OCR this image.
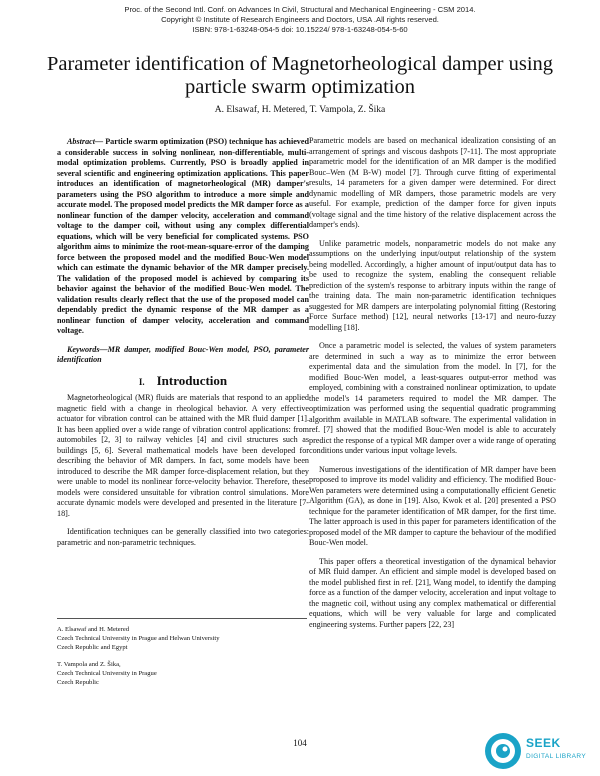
Proc. of the Second Intl. Conf. on Advances In Civil, Structural and Mechanical Engineering - CSM 2014.
Copyright © Institute of Research Engineers and Doctors, USA .All rights reserved.
ISBN: 978-1-63248-054-5 doi: 10.15224/ 978-1-63248-054-5-60
Parameter identification of Magnetorheological damper using particle swarm optimization
A. Elsawaf, H. Metered, T. Vampola, Z. Šika

Abstract— Particle swarm optimization (PSO) technique has achieved a considerable success in solving nonlinear, non-differentiable, multi-modal optimization problems. Currently, PSO is broadly applied in several scientific and engineering optimization applications. This paper introduces an identification of magnetorheological (MR) damper's parameters using the PSO algorithm to introduce a more simple and accurate model. The proposed model predicts the MR damper force as a nonlinear function of the damper velocity, acceleration and command voltage to the damper coil, without using any complex differential equations, which will be very beneficial for complicated systems. PSO algorithm aims to minimize the root-mean-square-error of the damping force between the proposed model and the modified Bouc-Wen model which can estimate the dynamic behavior of the MR damper precisely. The validation of the proposed model is achieved by comparing its behavior against the behavior of the modified Bouc-Wen model. The validation results clearly reflect that the use of the proposed model can dependably predict the dynamic response of the MR damper as a nonlinear function of damper velocity, acceleration and command voltage.

Keywords—MR damper, modified Bouc-Wen model, PSO, parameter identification

I. Introduction

Magnetorheological (MR) fluids are materials that respond to an applied magnetic field with a change in rheological behavior. A very effective actuator for vibration control can be attained with the MR fluid damper [1]. It has been applied over a wide range of vibration control applications: from automobiles [2, 3] to railway vehicles [4] and civil structures such as buildings [5, 6]. Several mathematical models have been developed for describing the behavior of MR dampers. In fact, some models have been introduced to describe the MR damper force-displacement relation, but they were unable to model its nonlinear force-velocity behavior. Therefore, these models were considered unsuitable for vibration control simulations. More accurate dynamic models were developed and presented in the literature [7-18].

Identification techniques can be generally classified into two categories: parametric and non-parametric techniques.

Parametric models are based on mechanical idealization consisting of an arrangement of springs and viscous dashpots [7-11]. The most appropriate parametric model for the identification of an MR damper is the modified Bouc–Wen (M B-W) model [7]. Through curve fitting of experimental results, 14 parameters for a given damper were determined. For direct dynamic modelling of MR dampers, those parametric models are very useful. For example, prediction of the damper force for given inputs (voltage signal and the time history of the relative displacement across the damper's ends).

Unlike parametric models, nonparametric models do not make any assumptions on the underlying input/output relationship of the system being modelled. Accordingly, a higher amount of input/output data has to be used to recognize the system, enabling the consequent reliable prediction of the system's response to arbitrary inputs within the range of the training data. The main non-parametric identification techniques suggested for MR dampers are interpolating polynomial fitting (Restoring Force Surface method) [12], neural networks [13-17] and neuro-fuzzy modelling [18].

Once a parametric model is selected, the values of system parameters are determined in such a way as to minimize the error between experimental data and the simulation from the model. In [7], for the modified Bouc-Wen model, a least-squares output-error method was employed, combining with a constrained nonlinear optimization, to update the model's 14 parameters required to model the MR damper. The optimization was performed using the sequential quadratic programming algorithm available in MATLAB software. The experimental validation in ref. [7] showed that the modified Bouc-Wen model is able to accurately predict the response of a typical MR damper over a wide range of operating conditions under various input voltage levels.

Numerous investigations of the identification of MR damper have been proposed to improve its model validity and efficiency. The modified Bouc-Wen parameters were determined using a computationally efficient Genetic Algorithm (GA), as done in [19]. Also, Kwok et al. [20] presented a PSO technique for the parameter identification of MR damper, for the first time. The latter approach is used in this paper for parameters identification of the proposed model of the MR damper to capture the behaviour of the modified Bouc-Wen model.

This paper offers a theoretical investigation of the dynamical behavior of MR fluid damper. An efficient and simple model is developed based on the model published first in ref. [21], Wang model, to identify the damping force as a function of the damper velocity, acceleration and input voltage to the magnetic coil, without using any complex mathematical or differential equations, which will be very valuable for large and complicated engineering systems. Further papers [22, 23]

A. Elsawaf and H. Metered
Czech Technical University in Prague and Helwan University
Czech Republic and Egypt
T. Vampola and Z. Šika,
Czech Technical University in Prague
Czech Republic
104	SEEK
DIGITAL LIBRARY
